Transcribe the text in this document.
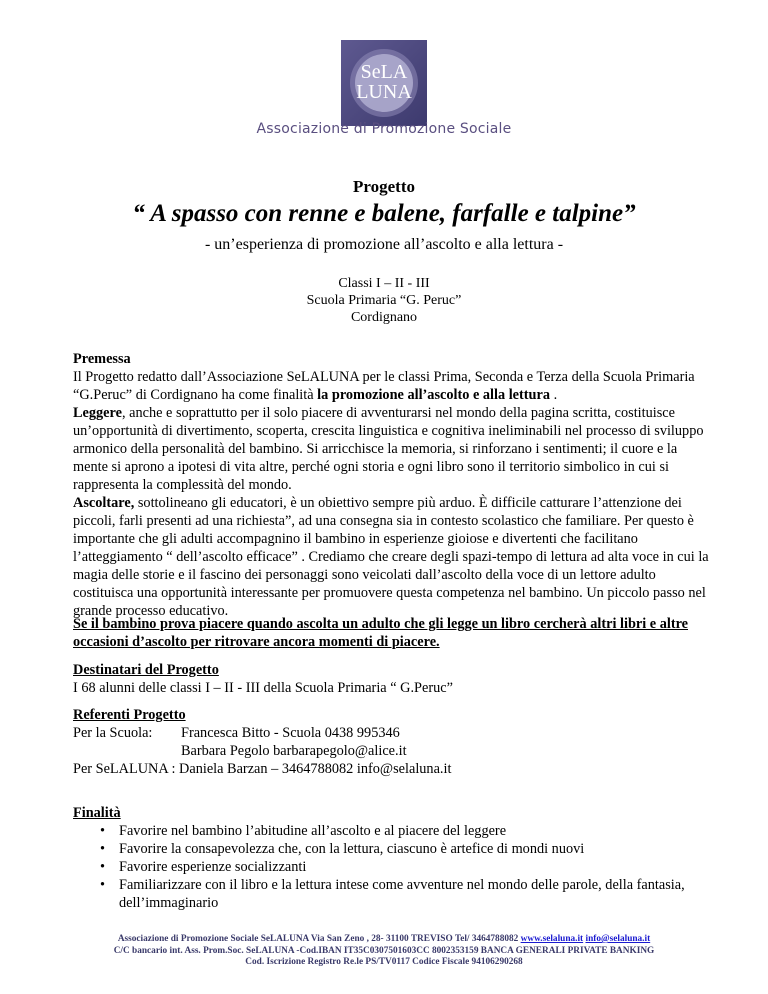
SeLA
LUNA
Associazione di Promozione Sociale
Progetto
“ A spasso con renne e balene, farfalle e talpine”
- un’esperienza di promozione all’ascolto e alla lettura -
Classi I – II - III
Scuola Primaria “G. Peruc”
Cordignano

Premessa

Il Progetto redatto dall’Associazione SeLALUNA per le classi Prima, Seconda e Terza della Scuola Primaria “G.Peruc” di Cordignano ha come finalità la promozione all’ascolto e alla lettura .

Leggere, anche e soprattutto per il solo piacere di avventurarsi nel mondo della pagina scritta, costituisce un’opportunità di divertimento, scoperta, crescita linguistica e cognitiva ineliminabili nel processo di sviluppo armonico della personalità del bambino. Si arricchisce la memoria, si rinforzano i sentimenti; il cuore e la mente si aprono a ipotesi di vita altre, perché ogni storia e ogni libro sono il territorio simbolico in cui si rappresenta la complessità del mondo.

Ascoltare, sottolineano gli educatori, è un obiettivo sempre più arduo. È difficile catturare l’attenzione dei piccoli, farli presenti ad una richiesta”, ad una consegna sia in contesto scolastico che familiare. Per questo è importante che gli adulti accompagnino il bambino in esperienze gioiose e divertenti che facilitano l’atteggiamento “ dell’ascolto efficace” . Crediamo che creare degli spazi-tempo di lettura ad alta voce in cui la magia delle storie e il fascino dei personaggi sono veicolati dall’ascolto della voce di un lettore adulto costituisca una opportunità interessante per promuovere questa competenza nel bambino. Un piccolo passo nel grande processo educativo.

Se il bambino prova piacere quando ascolta un adulto che gli legge un libro cercherà altri libri e altre occasioni d’ascolto per ritrovare ancora momenti di piacere.

Destinatari del Progetto

I 68 alunni delle classi I – II - III della Scuola Primaria “ G.Peruc”

Referenti Progetto

Per la Scuola: Francesca Bitto - Scuola 0438 995346

Barbara Pegolo barbarapegolo@alice.it

Per SeLALUNA : Daniela Barzan – 3464788082 info@selaluna.it

Finalità

• Favorire nel bambino l’abitudine all’ascolto e al piacere del leggere
• Favorire la consapevolezza che, con la lettura, ciascuno è artefice di mondi nuovi
• Favorire esperienze socializzanti
• Familiarizzare con il libro e la lettura intese come avventure nel mondo delle parole, della fantasia, dell’immaginario
Associazione di Promozione Sociale SeLALUNA Via San Zeno , 28- 31100 TREVISO Tel/ 3464788082 www.selaluna.it info@selaluna.it
C/C bancario int. Ass. Prom.Soc. SeLALUNA -Cod.IBAN IT35C0307501603CC 8002353159 BANCA GENERALI PRIVATE BANKING
Cod. Iscrizione Registro Re.le PS/TV0117 Codice Fiscale 94106290268
